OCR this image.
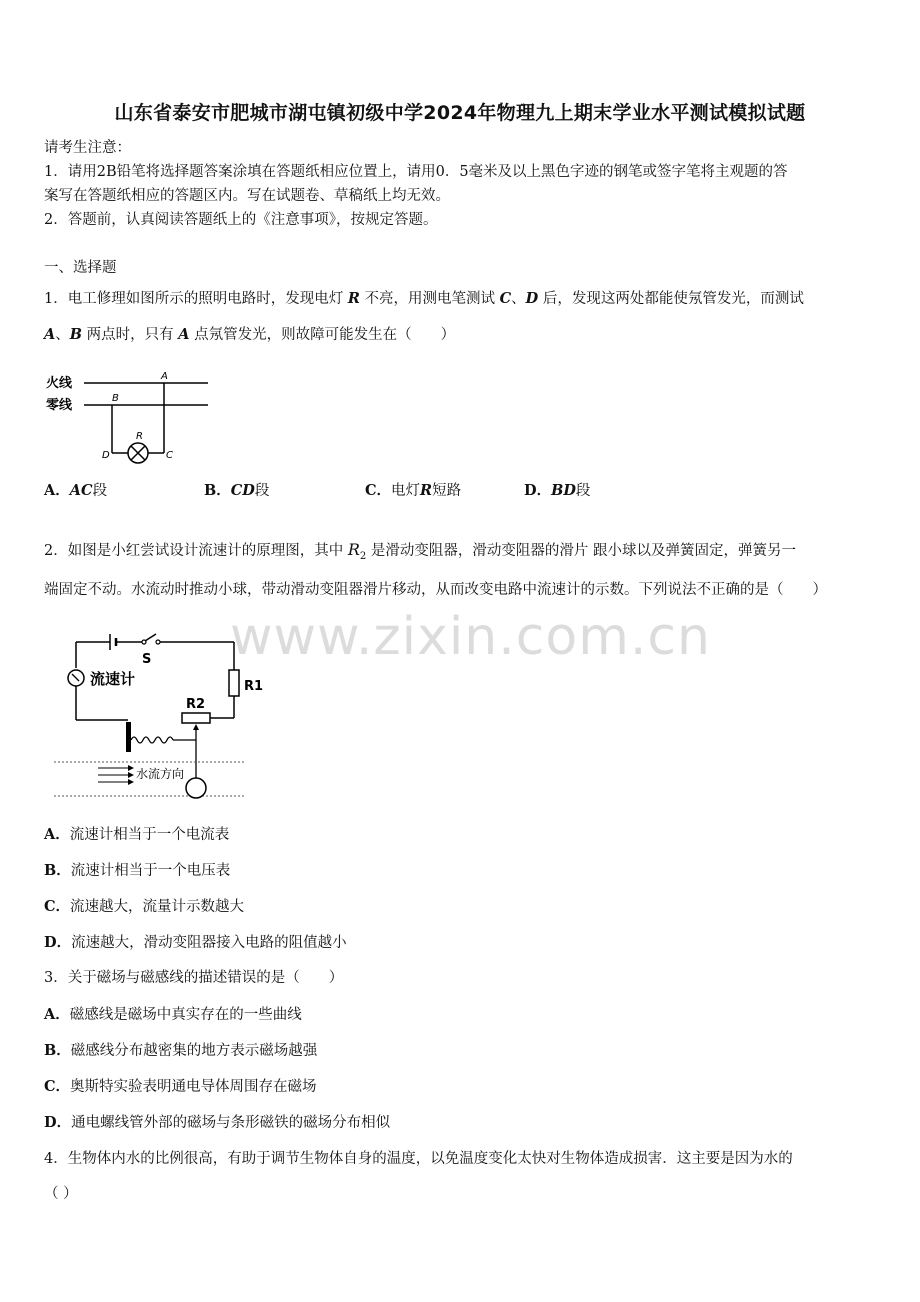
www.zixin.com.cn
山东省泰安市肥城市湖屯镇初级中学2024年物理九上期末学业水平测试模拟试题
请考生注意：
1．请用2B铅笔将选择题答案涂填在答题纸相应位置上，请用0．5毫米及以上黑色字迹的钢笔或签字笔将主观题的答
案写在答题纸相应的答题区内。写在试题卷、草稿纸上均无效。
2．答题前，认真阅读答题纸上的《注意事项》，按规定答题。
一、选择题
1．电工修理如图所示的照明电路时，发现电灯 R 不亮，用测电笔测试 C、D 后，发现这两处都能使氖管发光，而测试
A、B 两点时，只有 A 点氖管发光，则故障可能发生在（　　）
火线
零线
A
B
R
D	C
A．AC段	B．CD段	C．电灯R短路	D．BD段
2．如图是小红尝试设计流速计的原理图，其中 $R_2$ 是滑动变阻器，滑动变阻器的滑片 跟小球以及弹簧固定，弹簧另一
端固定不动。水流动时推动小球，带动滑动变阻器滑片移动，从而改变电路中流速计的示数。下列说法不正确的是（　　）
S
流速计	R1
R2
水流方向
A．流速计相当于一个电流表
B．流速计相当于一个电压表
C．流速越大，流量计示数越大
D．流速越大，滑动变阻器接入电路的阻值越小
3．关于磁场与磁感线的描述错误的是（　　）
A．磁感线是磁场中真实存在的一些曲线
B．磁感线分布越密集的地方表示磁场越强
C．奥斯特实验表明通电导体周围存在磁场
D．通电螺线管外部的磁场与条形磁铁的磁场分布相似
4．生物体内水的比例很高，有助于调节生物体自身的温度，以免温度变化太快对生物体造成损害．这主要是因为水的
（ ）
